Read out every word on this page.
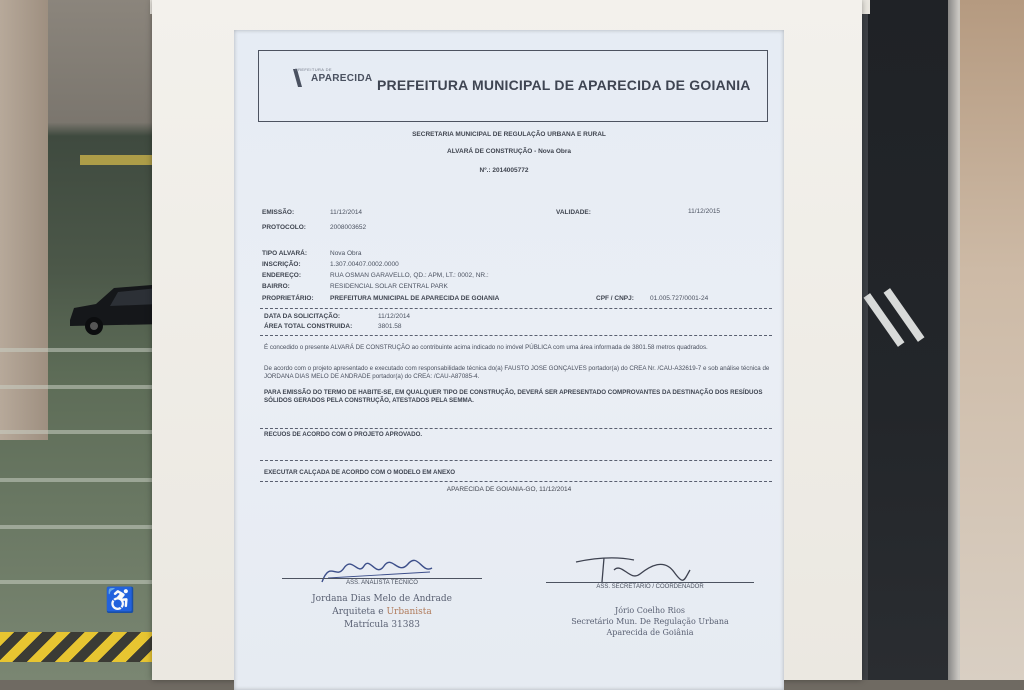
♿
PREFEITURA DE
APARECIDA PREFEITURA MUNICIPAL DE APARECIDA DE GOIANIA
SECRETARIA MUNICIPAL DE REGULAÇÃO URBANA E RURAL
ALVARÁ DE CONSTRUÇÃO - Nova Obra
Nº.: 2014005772
EMISSÃO:	11/12/2014	VALIDADE:	11/12/2015
PROTOCOLO:	2008003652
TIPO ALVARÁ:	Nova Obra
INSCRIÇÃO:	1.307.00407.0002.0000
ENDEREÇO:	RUA OSMAN GARAVELLO, QD.: APM, LT.: 0002, NR.:
BAIRRO:	RESIDENCIAL SOLAR CENTRAL PARK
PROPRIETÁRIO:	PREFEITURA MUNICIPAL DE APARECIDA DE GOIANIA	CPF / CNPJ: 01.005.727/0001-24
DATA DA SOLICITAÇÃO:	11/12/2014
ÁREA TOTAL CONSTRUIDA:	3801.58
É concedido o presente ALVARÁ DE CONSTRUÇÃO ao contribuinte acima indicado no imóvel PÚBLICA com uma área informada de 3801.58 metros quadrados.
De acordo com o projeto apresentado e executado com responsabilidade técnica do(a) FAUSTO JOSE GONÇALVES portador(a) do CREA Nr. /CAU-A32619-7 e sob análise técnica de JORDANA DIAS MELO DE ANDRADE portador(a) do CREA: /CAU-A87085-4.
PARA EMISSÃO DO TERMO DE HABITE-SE, EM QUALQUER TIPO DE CONSTRUÇÃO, DEVERÁ SER APRESENTADO COMPROVANTES DA DESTINAÇÃO DOS RESÍDUOS SÓLIDOS GERADOS PELA CONSTRUÇÃO, ATESTADOS PELA SEMMA.
RECUOS DE ACORDO COM O PROJETO APROVADO.
EXECUTAR CALÇADA DE ACORDO COM O MODELO EM ANEXO
APARECIDA DE GOIANIA-GO, 11/12/2014
ASS. ANALISTA TÉCNICO
Jordana Dias Melo de Andrade
Arquiteta e Urbanista
Matrícula 31383
ASS. SECRETÁRIO / COORDENADOR
Jório Coelho Rios
Secretário Mun. De Regulação Urbana
Aparecida de Goiânia
